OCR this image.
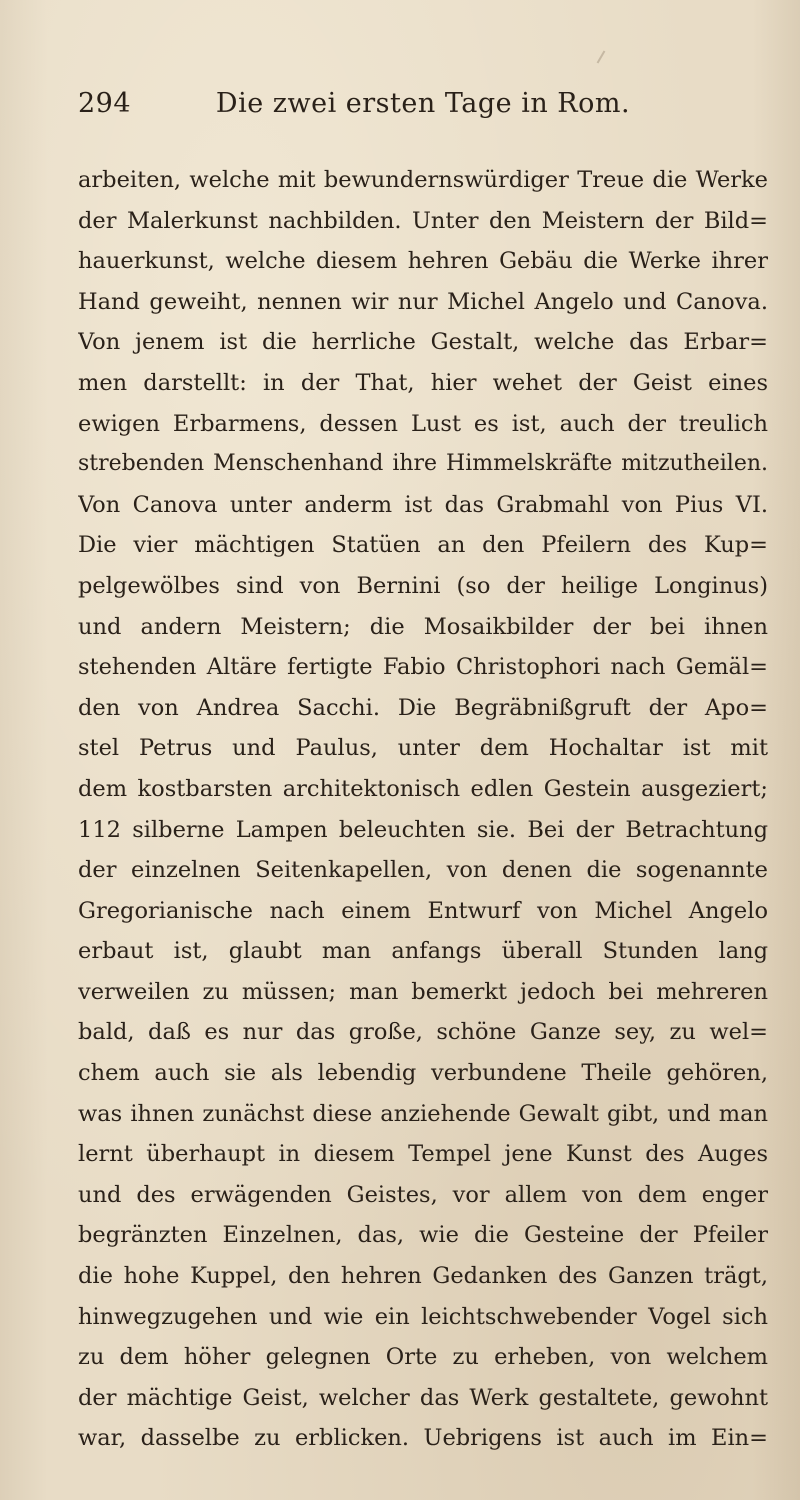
294	Die zwei ersten Tage in Rom.
arbeiten, welche mit bewundernswürdiger Treue die Werke
der Malerkunst nachbilden. Unter den Meistern der Bild=
hauerkunst, welche diesem hehren Gebäu die Werke ihrer
Hand geweiht, nennen wir nur Michel Angelo und Canova.
Von jenem ist die herrliche Gestalt, welche das Erbar=
men darstellt: in der That, hier wehet der Geist eines
ewigen Erbarmens, dessen Lust es ist, auch der treulich
strebenden Menschenhand ihre Himmelskräfte mitzutheilen.
Von Canova unter anderm ist das Grabmahl von Pius VI.
Die vier mächtigen Statüen an den Pfeilern des Kup=
pelgewölbes sind von Bernini (so der heilige Longinus)
und andern Meistern; die Mosaikbilder der bei ihnen
stehenden Altäre fertigte Fabio Christophori nach Gemäl=
den von Andrea Sacchi. Die Begräbnißgruft der Apo=
stel Petrus und Paulus, unter dem Hochaltar ist mit
dem kostbarsten architektonisch edlen Gestein ausgeziert;
112 silberne Lampen beleuchten sie. Bei der Betrachtung
der einzelnen Seitenkapellen, von denen die sogenannte
Gregorianische nach einem Entwurf von Michel Angelo
erbaut ist, glaubt man anfangs überall Stunden lang
verweilen zu müssen; man bemerkt jedoch bei mehreren
bald, daß es nur das große, schöne Ganze sey, zu wel=
chem auch sie als lebendig verbundene Theile gehören,
was ihnen zunächst diese anziehende Gewalt gibt, und man
lernt überhaupt in diesem Tempel jene Kunst des Auges
und des erwägenden Geistes, vor allem von dem enger
begränzten Einzelnen, das, wie die Gesteine der Pfeiler
die hohe Kuppel, den hehren Gedanken des Ganzen trägt,
hinwegzugehen und wie ein leichtschwebender Vogel sich
zu dem höher gelegnen Orte zu erheben, von welchem
der mächtige Geist, welcher das Werk gestaltete, gewohnt
war, dasselbe zu erblicken. Uebrigens ist auch im Ein=
